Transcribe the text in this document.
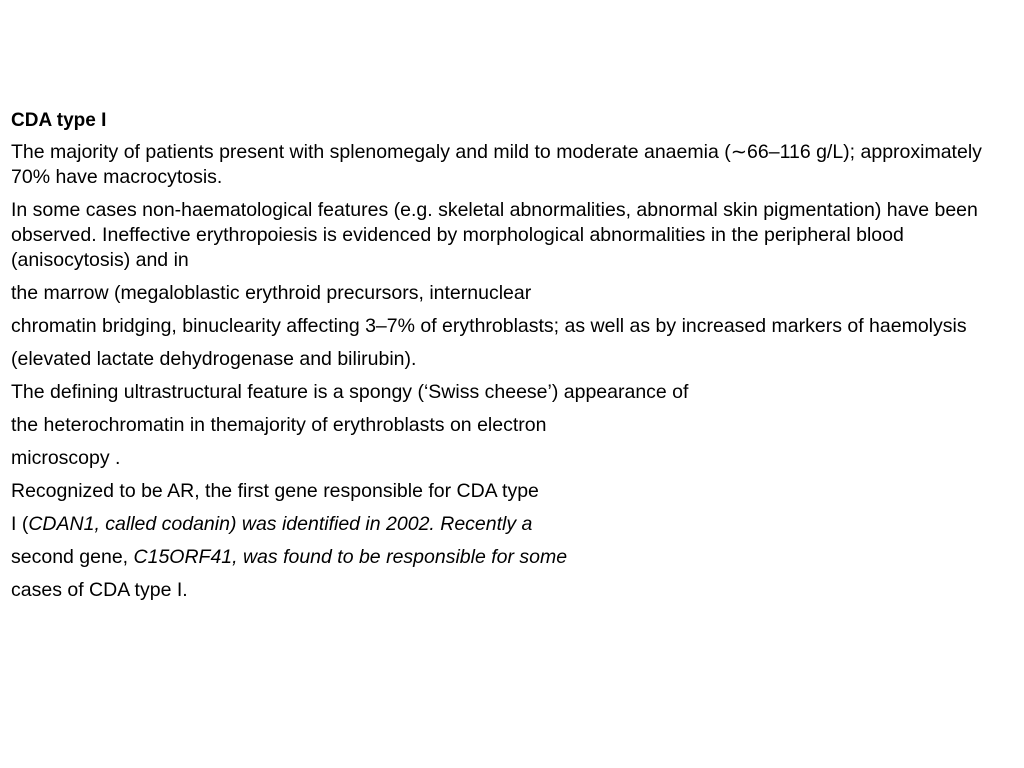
CDA type I
The majority of patients present with splenomegaly and mild to moderate anaemia (∼66–116 g/L); approximately 70% have macrocytosis.
In some cases non-haematological features (e.g. skeletal abnormalities, abnormal skin pigmentation) have been observed. Ineffective erythropoiesis is evidenced by morphological abnormalities in the peripheral blood (anisocytosis) and in
the marrow (megaloblastic erythroid precursors, internuclear
chromatin bridging, binuclearity affecting 3–7% of erythroblasts; as well as by increased markers of haemolysis
(elevated lactate dehydrogenase and bilirubin).
The defining ultrastructural feature is a spongy (‘Swiss cheese’) appearance of
the heterochromatin in themajority of erythroblasts on electron
microscopy .
Recognized to be AR, the first gene responsible for CDA type
I (CDAN1, called codanin) was identified in 2002. Recently a
second gene, C15ORF41, was found to be responsible for some
cases of CDA type I.
